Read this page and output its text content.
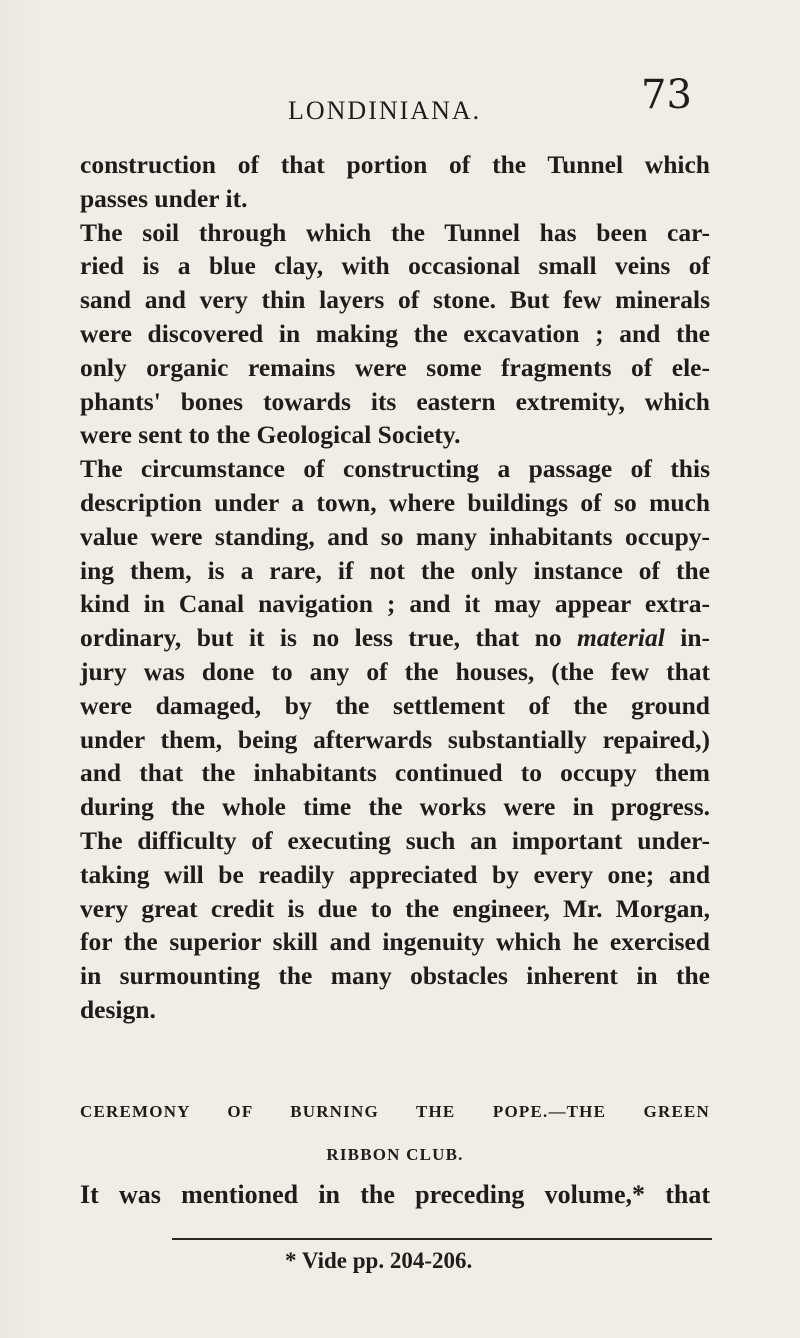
LONDINIANA.	73
construction of that portion of the Tunnel which
passes under it.
The soil through which the Tunnel has been car-
ried is a blue clay, with occasional small veins of
sand and very thin layers of stone. But few minerals
were discovered in making the excavation ; and the
only organic remains were some fragments of ele-
phants' bones towards its eastern extremity, which
were sent to the Geological Society.
The circumstance of constructing a passage of this
description under a town, where buildings of so much
value were standing, and so many inhabitants occupy-
ing them, is a rare, if not the only instance of the
kind in Canal navigation ; and it may appear extra-
ordinary, but it is no less true, that no material in-
jury was done to any of the houses, (the few that
were damaged, by the settlement of the ground
under them, being afterwards substantially repaired,)
and that the inhabitants continued to occupy them
during the whole time the works were in progress.
The difficulty of executing such an important under-
taking will be readily appreciated by every one; and
very great credit is due to the engineer, Mr. Morgan,
for the superior skill and ingenuity which he exercised
in surmounting the many obstacles inherent in the
design.
CEREMONY OF BURNING THE POPE.—THE GREEN
RIBBON CLUB.
It was mentioned in the preceding volume,* that
* Vide pp. 204-206.
